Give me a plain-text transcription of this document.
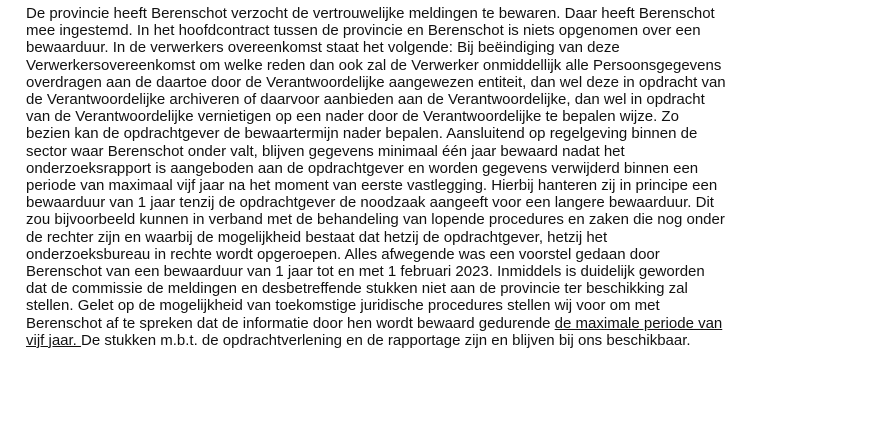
De provincie heeft Berenschot verzocht de vertrouwelijke meldingen te bewaren. Daar heeft Berenschot
mee ingestemd. In het hoofdcontract tussen de provincie en Berenschot is niets opgenomen over een
bewaarduur. In de verwerkers overeenkomst staat het volgende: Bij beëindiging van deze
Verwerkersovereenkomst om welke reden dan ook zal de Verwerker onmiddellijk alle Persoonsgegevens
overdragen aan de daartoe door de Verantwoordelijke aangewezen entiteit, dan wel deze in opdracht van
de Verantwoordelijke archiveren of daarvoor aanbieden aan de Verantwoordelijke, dan wel in opdracht
van de Verantwoordelijke vernietigen op een nader door de Verantwoordelijke te bepalen wijze. Zo
bezien kan de opdrachtgever de bewaartermijn nader bepalen. Aansluitend op regelgeving binnen de
sector waar Berenschot onder valt, blijven gegevens minimaal één jaar bewaard nadat het
onderzoeksrapport is aangeboden aan de opdrachtgever en worden gegevens verwijderd binnen een
periode van maximaal vijf jaar na het moment van eerste vastlegging. Hierbij hanteren zij in principe een
bewaarduur van 1 jaar tenzij de opdrachtgever de noodzaak aangeeft voor een langere bewaarduur. Dit
zou bijvoorbeeld kunnen in verband met de behandeling van lopende procedures en zaken die nog onder
de rechter zijn en waarbij de mogelijkheid bestaat dat hetzij de opdrachtgever, hetzij het
onderzoeksbureau in rechte wordt opgeroepen. Alles afwegende was een voorstel gedaan door
Berenschot van een bewaarduur van 1 jaar tot en met 1 februari 2023. Inmiddels is duidelijk geworden
dat de commissie de meldingen en desbetreffende stukken niet aan de provincie ter beschikking zal
stellen. Gelet op de mogelijkheid van toekomstige juridische procedures stellen wij voor om met
Berenschot af te spreken dat de informatie door hen wordt bewaard gedurende de maximale periode van
vijf jaar. De stukken m.b.t. de opdrachtverlening en de rapportage zijn en blijven bij ons beschikbaar.
